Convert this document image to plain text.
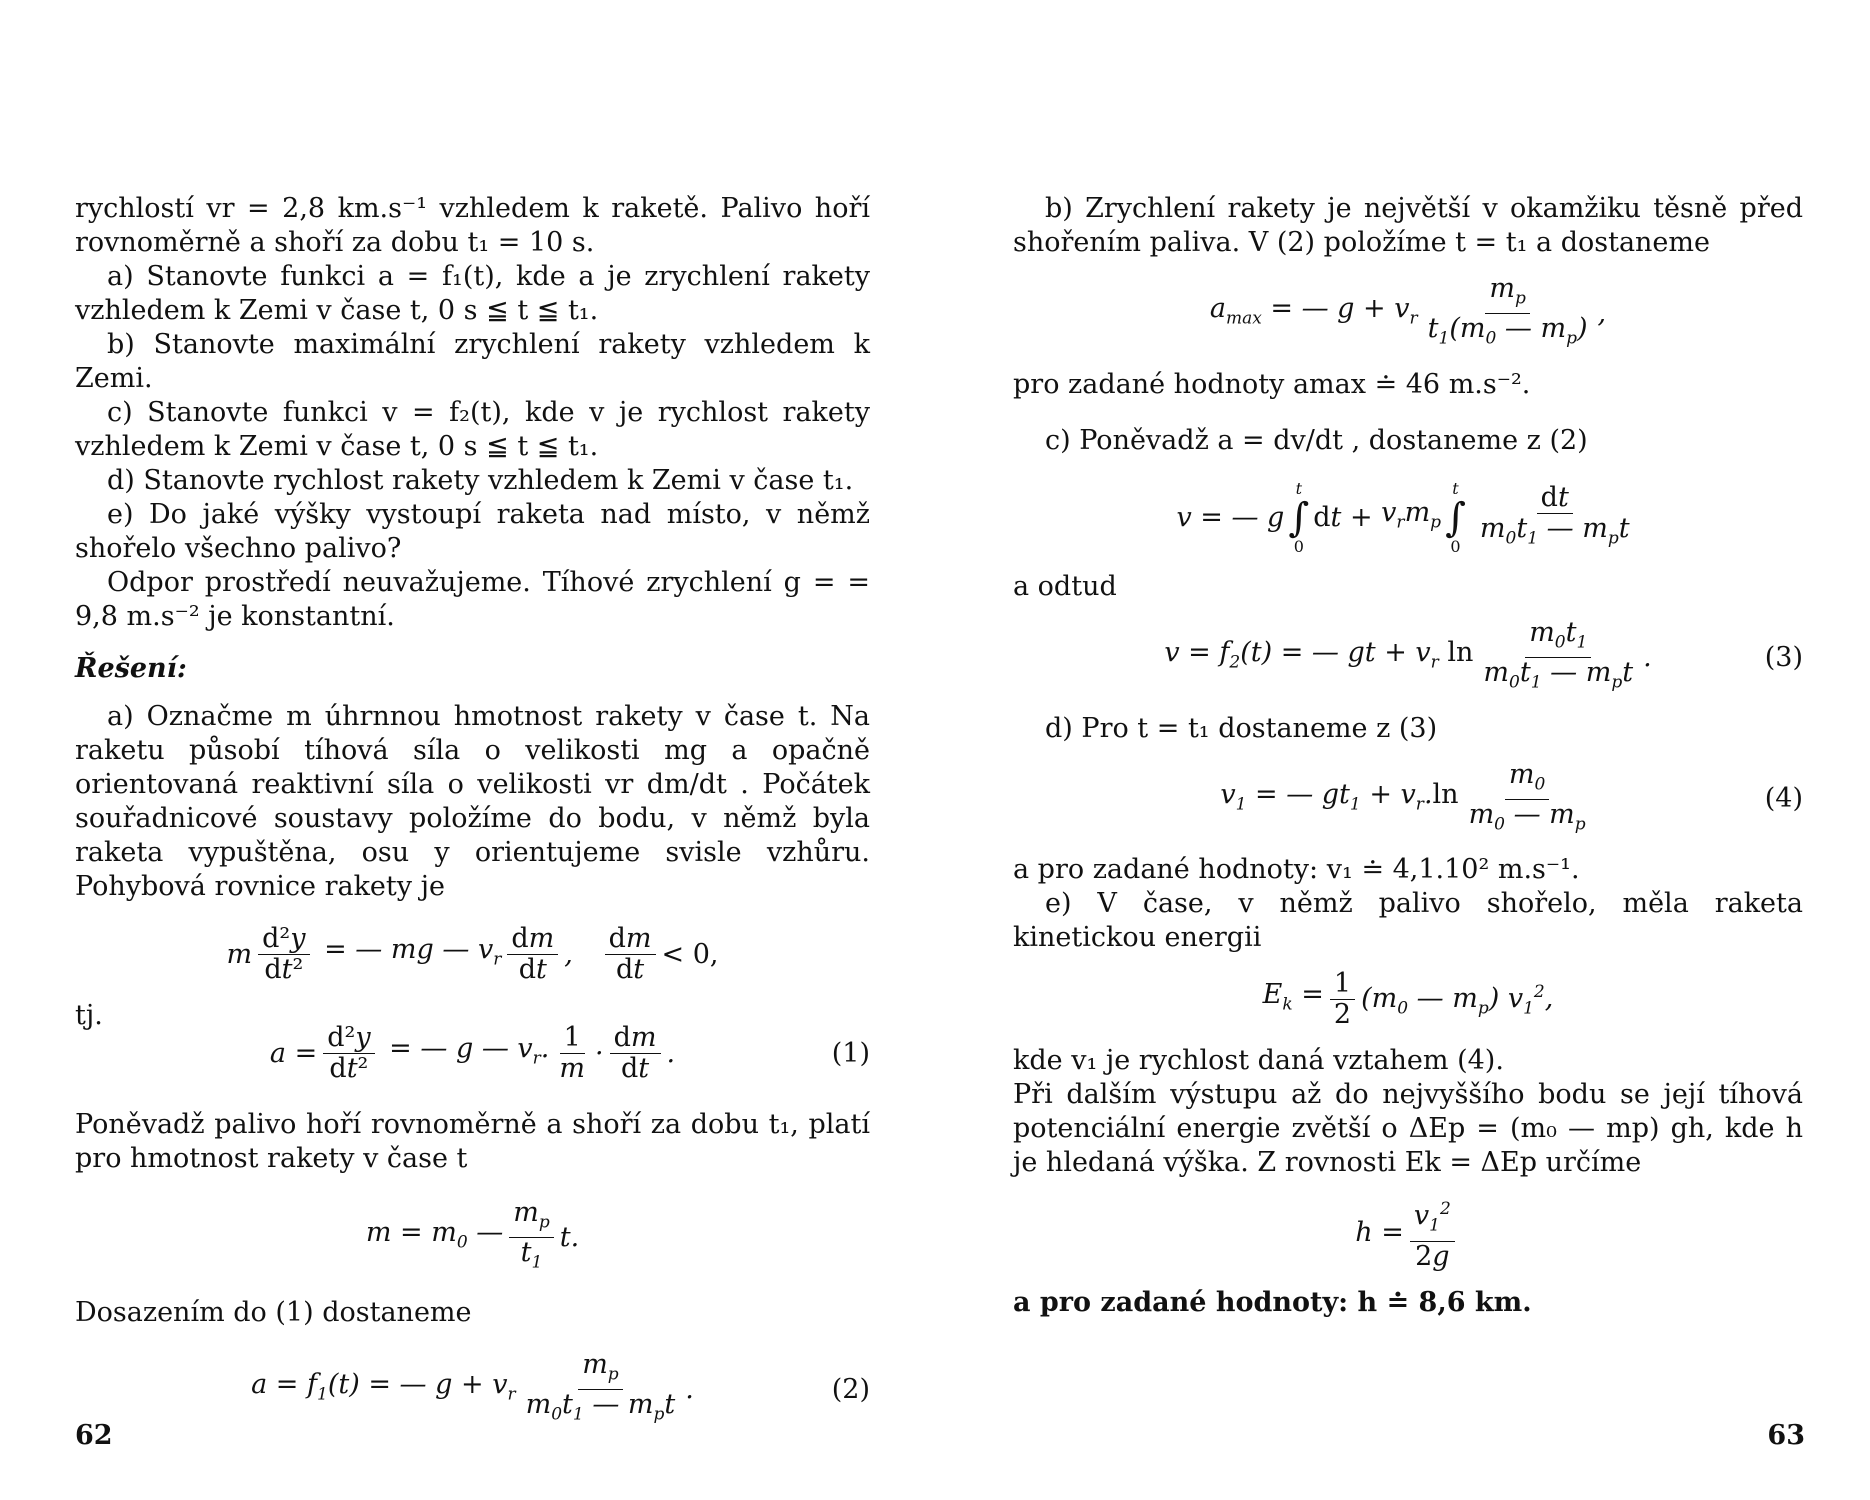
rychlostí vr = 2,8 km.s⁻¹ vzhledem k raketě. Palivo hoří rovnoměrně a shoří za dobu t₁ = 10 s.

a) Stanovte funkci a = f₁(t), kde a je zrychlení rakety vzhledem k Zemi v čase t, 0 s ≦ t ≦ t₁.

b) Stanovte maximální zrychlení rakety vzhledem k Zemi.

c) Stanovte funkci v = f₂(t), kde v je rychlost rakety vzhledem k Zemi v čase t, 0 s ≦ t ≦ t₁.

d) Stanovte rychlost rakety vzhledem k Zemi v čase t₁.

e) Do jaké výšky vystoupí raketa nad místo, v němž shořelo všechno palivo?

Odpor prostředí neuvažujeme. Tíhové zrychlení g = = 9,8 m.s⁻² je konstantní.

Řešení:

a) Označme m úhrnnou hmotnost rakety v čase t. Na raketu působí tíhová síla o velikosti mg a opačně orientovaná reaktivní síla o velikosti vr dm/dt . Počátek souřadnicové soustavy položíme do bodu, v němž byla raketa vypuštěna, osu y orientujeme svisle vzhůru. Pohybová rovnice rakety je

m $\frac{\text{d²y}}{\text{dt²}}$ = — mg — $v_r \frac{dm}{dt}$ , $\frac{dm}{dt} < 0$,

tj.

$a = \frac{\text{d²y}}{\text{dt²}}$ = — g — $v_r$. $\frac{1}{m} \cdot \frac{dm}{dt}$ .	(1)

Poněvadž palivo hoří rovnoměrně a shoří za dobu t₁, platí pro hmotnost rakety v čase t

$m = m_0$ — $\frac{m_p}{t_1} t$.

Dosazením do (1) dostaneme

$a = f_1(t)$ = — $g + v_r \frac{m_p}{m_0t_1 — m_pt}$ .	(2)
62

b) Zrychlení rakety je největší v okamžiku těsně před shořením paliva. V (2) položíme t = t₁ a dostaneme

$a_{max}$ = — $g + v_r \frac{m_p}{t_1(m_0 — m_p)}$ ,

pro zadané hodnoty amax ≐ 46 m.s⁻².

c) Poněvadž a = dv/dt , dostaneme z (2)

v = — g
t
∫
0
dt + $v_rm_p$
t
∫
$0 \frac{dt}{m_0t_1 — m_pt}$

a odtud

$v = f_2(t)$ = — gt + $v_r$ $\ln \frac{m_0t_1}{m_0t_1 — m_pt}$ .	(3)

d) Pro t = t₁ dostaneme z (3)

$v_1$ = — $gt_1 + v_r.\ln \frac{m_0}{m_0 — m_p}$	(4)

a pro zadané hodnoty: v₁ ≐ 4,1.10² m.s⁻¹.

e) V čase, v němž palivo shořelo, měla raketa kinetickou energii

$E_k = \frac{1}{2} (m_0$ — $m_p$) $v_1^2$,

kde v₁ je rychlost daná vztahem (4).

Při dalším výstupu až do nejvyššího bodu se její tíhová potenciální energie zvětší o ΔEp = (m₀ — mp) gh, kde h je hledaná výška. Z rovnosti Ek = ΔEp určíme

$h = \frac{v_1^2}{2g}$

a pro zadané hodnoty: h ≐ 8,6 km.

63
